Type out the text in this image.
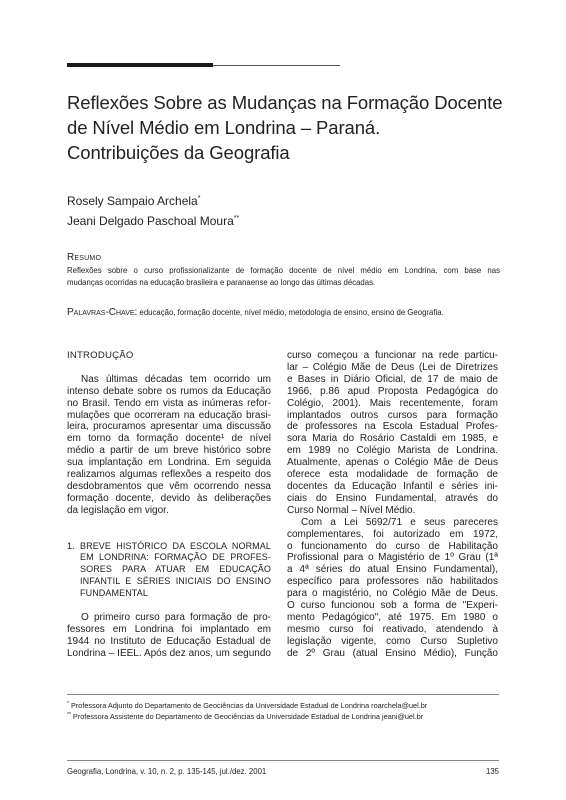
Reflexões Sobre as Mudanças na Formação Docente
de Nível Médio em Londrina – Paraná.
Contribuições da Geografia
Rosely Sampaio Archela*
Jeani Delgado Paschoal Moura**
Resumo
Reflexões sobre o curso profissionalizante de formação docente de nível médio em Londrina, com base nas
mudanças ocorridas na educação brasileira e paranaense ao longo das últimas décadas.
Palavras-Chave: educação, formação docente, nível médio, metodologia de ensino, ensino de Geografia.
INTRODUÇÃO

Nas últimas décadas tem ocorrido um
intenso debate sobre os rumos da Educação
no Brasil. Tendo em vista as inúmeras refor-
mulações que ocorreram na educação brasi-
leira, procuramos apresentar uma discussão
em torno da formação docente¹ de nível
médio a partir de um breve histórico sobre
sua implantação em Londrina. Em seguida
realizamos algumas reflexões a respeito dos
desdobramentos que vêm ocorrendo nessa
formação docente, devido às deliberações
da legislação em vigor.

1. BREVE HISTÓRICO DA ESCOLA NORMAL
EM LONDRINA: FORMAÇÃO DE PROFES-
SORES PARA ATUAR EM EDUCAÇÃO
INFANTIL E SÉRIES INICIAIS DO ENSINO
FUNDAMENTAL

O primeiro curso para formação de pro-
fessores em Londrina foi implantado em
1944 no Instituto de Educação Estadual de
Londrina – IEEL. Após dez anos, um segundo
curso começou a funcionar na rede particu-
lar – Colégio Mãe de Deus (Lei de Diretrizes
e Bases in Diário Oficial, de 17 de maio de
1966, p.86 apud Proposta Pedagógica do
Colégio, 2001). Mais recentemente, foram
implantados outros cursos para formação
de professores na Escola Estadual Profes-
sora Maria do Rosário Castaldi em 1985, e
em 1989 no Colégio Marista de Londrina.
Atualmente, apenas o Colégio Mãe de Deus
oferece esta modalidade de formação de
docentes da Educação Infantil e séries ini-
ciais do Ensino Fundamental, através do
Curso Normal – Nível Médio.
Com a Lei 5692/71 e seus pareceres
complementares, foi autorizado em 1972,
o funcionamento do curso de Habilitação
Profissional para o Magistério de 1º Grau (1ª
a 4ª séries do atual Ensino Fundamental),
específico para professores não habilitados
para o magistério, no Colégio Mãe de Deus.
O curso funcionou sob a forma de "Experi-
mento Pedagógico", até 1975. Em 1980 o
mesmo curso foi reativado, atendendo à
legislação vigente, como Curso Supletivo
de 2º Grau (atual Ensino Médio), Função
* Professora Adjunto do Departamento de Geociências da Universidade Estadual de Londrina roarchela@uel.br
** Professora Assistente do Departamento de Geociências da Universidade Estadual de Londrina jeani@uel.br
Geografia, Londrina, v. 10, n. 2, p. 135-145, jul./dez. 2001	135
